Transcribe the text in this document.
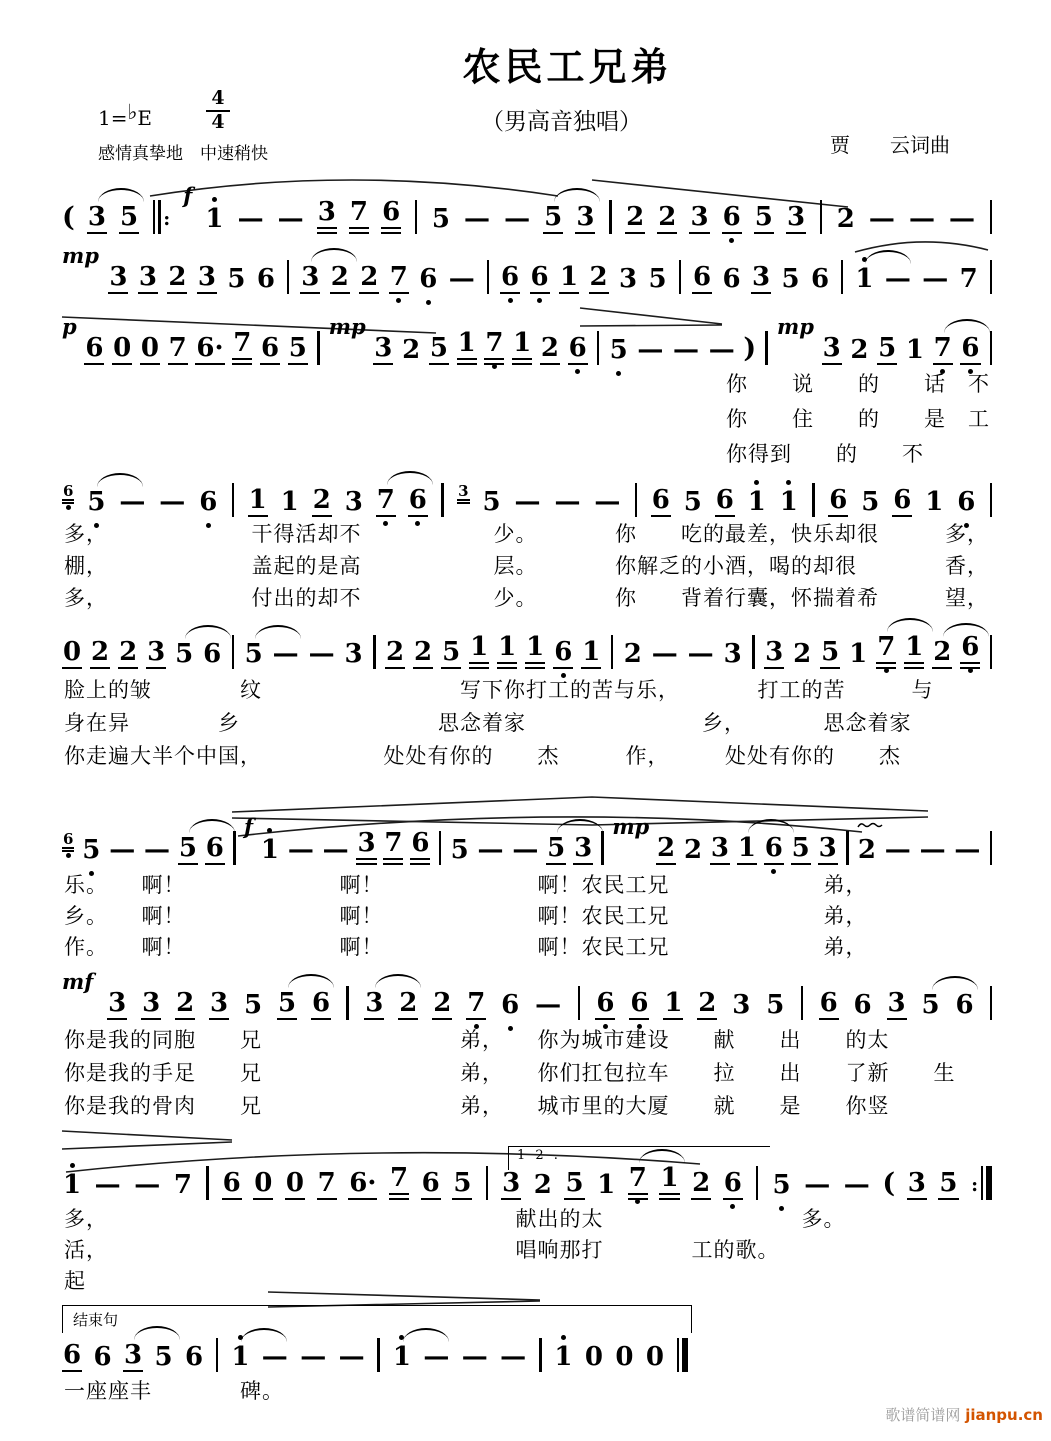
农民工兄弟
（男高音独唱）
1=♭E
4
4
感情真挚地　中速稍快	贾　　云词曲
( 3 5 :
f
1 — — 3 7 6 5 — — 5 3 2 2 3 6 5 3 2 — — —
mp
3 3 2 3 5 6 3 2 2 7 6 — 6 6 1 2 3 5 6 6 3 5 6 1 — — 7
p
6 0 0 7 6· 7 6 5
mp
3 2 5 1 7 1 2 6 5 — — — )
mp
3 2 5 1 7 6
你　　说　　的　　话　不
你　　住　　的　　是　工
你得到　　的　　不
6 5 — — 6 1 1 2 3 7 6 3 5 — — — 6 5 6 1 1 6 5 6 1 6
多，　　　　　　　干得活却不　　　　　　少。　　　　你　　吃的最差，快乐却很　　　多，
棚，　　　　　　　盖起的是高　　　　　　层。　　　　你解乏的小酒，喝的却很　　　　香，
多，　　　　　　　付出的却不　　　　　　少。　　　　你　　背着行囊，怀揣着希　　　望，
0 2 2 3 5 6 5 — — 3 2 2 5 1 1 1 6 1 2 — — 3 3 2 5 1 7 1 2 6
脸上的皱　　　　纹　　　　　　　　　写下你打工的苦与乐，　　　　打工的苦　　　与
身在异　　　　乡　　　　　　　　　思念着家　　　　　　　　乡，　　　　思念着家
你走遍大半个中国，　　　　　　处处有你的　　杰　　　作，　　　处处有你的　　杰
6 5 — — 5 6
f
1 — — 3 7 6 5 — — 5 3
mp
2 2 3 1 6 5 3 2 — — —
乐。　　啊！　　　　　　　啊！　　　　　　　啊！农民工兄　　　　　　　弟，
乡。　　啊！　　　　　　　啊！　　　　　　　啊！农民工兄　　　　　　　弟，
作。　　啊！　　　　　　　啊！　　　　　　　啊！农民工兄　　　　　　　弟，
mf
3 3 2 3 5 5 6 3 2 2 7 6 — 6 6 1 2 3 5 6 6 3 5 6
你是我的同胞　　兄　　　　　　　　　弟，　　你为城市建设　　献　　出　　的太
你是我的手足　　兄　　　　　　　　　弟，　　你们扛包拉车　　拉　　出　　了新　　生
你是我的骨肉　　兄　　　　　　　　　弟，　　城市里的大厦　　就　　是　　你竖
1 — — 7 6 0 0 7 6· 7 6 5 3 2 5 1 7 1 2 6 5 — — ( 3 5 :
多，　　　　　　　　　　　　　　　　　　　献出的太　　　　　　　　　多。
活，　　　　　　　　　　　　　　　　　　　唱响那打　　　　工的歌。
起
6 6 3 5 6 1 — — — 1 — — — 1 0 0 0
一座座丰　　　　碑。
1 2 .
结束句
歌谱简谱网 jianpu.cn
